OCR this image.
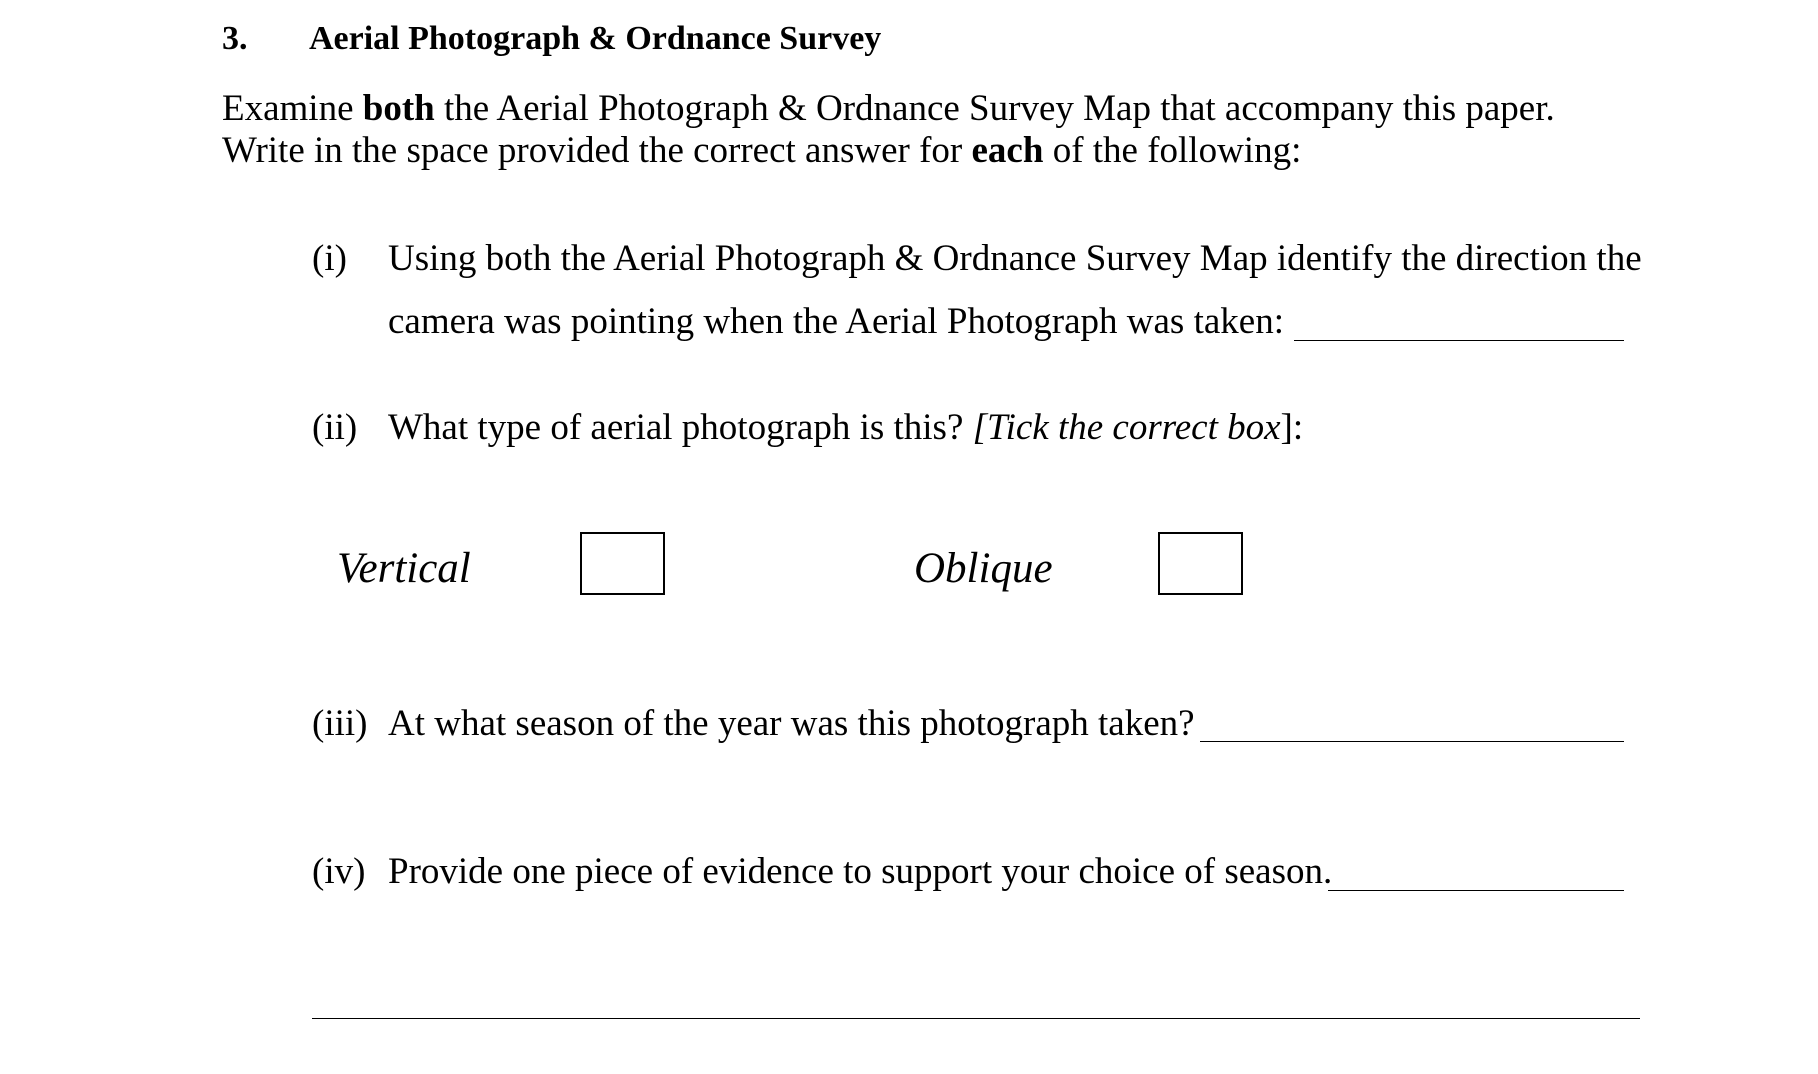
3.	Aerial Photograph & Ordnance Survey
Examine both the Aerial Photograph & Ordnance Survey Map that accompany this paper.
Write in the space provided the correct answer for each of the following:
(i) Using both the Aerial Photograph & Ordnance Survey Map identify the direction the
camera was pointing when the Aerial Photograph was taken:
(ii) What type of aerial photograph is this? [Tick the correct box]:
Vertical	Oblique
(iii) At what season of the year was this photograph taken?
(iv) Provide one piece of evidence to support your choice of season.
